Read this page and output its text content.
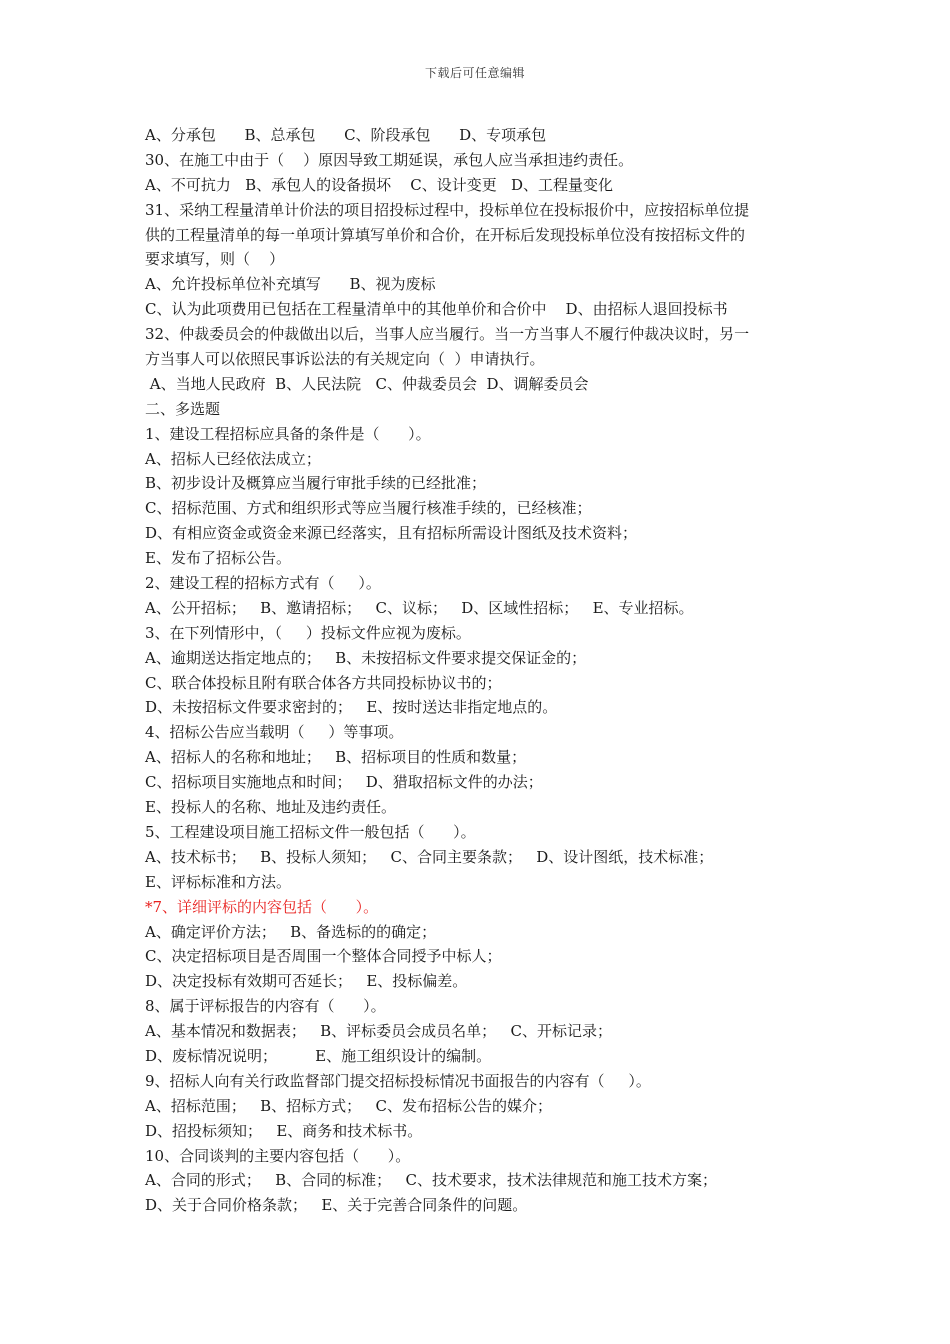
下载后可任意编辑
A、分承包      B、总承包      C、阶段承包      D、专项承包
30、在施工中由于（    ）原因导致工期延误，承包人应当承担违约责任。
A、不可抗力   B、承包人的设备损坏    C、设计变更   D、工程量变化
31、采纳工程量清单计价法的项目招投标过程中，投标单位在投标报价中，应按招标单位提
供的工程量清单的每一单项计算填写单价和合价，在开标后发现投标单位没有按招标文件的
要求填写，则（    ）
A、允许投标单位补充填写      B、视为废标
C、认为此项费用已包括在工程量清单中的其他单价和合价中    D、由招标人退回投标书
32、仲裁委员会的仲裁做出以后，当事人应当履行。当一方当事人不履行仲裁决议时，另一
方当事人可以依照民事诉讼法的有关规定向（  ）申请执行。
A、当地人民政府  B、人民法院   C、仲裁委员会  D、调解委员会
二、多选题
1、建设工程招标应具备的条件是（      ）。
A、招标人已经依法成立；
B、初步设计及概算应当履行审批手续的已经批准；
C、招标范围、方式和组织形式等应当履行核准手续的，已经核准；
D、有相应资金或资金来源已经落实，且有招标所需设计图纸及技术资料；
E、发布了招标公告。
2、建设工程的招标方式有（     ）。
A、公开招标；   B、邀请招标；   C、议标；   D、区域性招标；   E、专业招标。
3、在下列情形中，（     ）投标文件应视为废标。
A、逾期送达指定地点的；   B、未按招标文件要求提交保证金的；
C、联合体投标且附有联合体各方共同投标协议书的；
D、未按招标文件要求密封的；   E、按时送达非指定地点的。
4、招标公告应当载明（     ）等事项。
A、招标人的名称和地址；   B、招标项目的性质和数量；
C、招标项目实施地点和时间；   D、猎取招标文件的办法；
E、投标人的名称、地址及违约责任。
5、工程建设项目施工招标文件一般包括（      ）。
A、技术标书；   B、投标人须知；   C、合同主要条款；   D、设计图纸，技术标准；
E、评标标准和方法。
*7、详细评标的内容包括（      ）。
A、确定评价方法；   B、备选标的的确定；
C、决定招标项目是否周围一个整体合同授予中标人；
D、决定投标有效期可否延长；   E、投标偏差。
8、属于评标报告的内容有（      ）。
A、基本情况和数据表；   B、评标委员会成员名单；   C、开标记录；
D、废标情况说明；        E、施工组织设计的编制。
9、招标人向有关行政监督部门提交招标投标情况书面报告的内容有（     ）。
A、招标范围；   B、招标方式；   C、发布招标公告的媒介；
D、招投标须知；   E、商务和技术标书。
10、合同谈判的主要内容包括（      ）。
A、合同的形式；   B、合同的标准；   C、技术要求，技术法律规范和施工技术方案；
D、关于合同价格条款；   E、关于完善合同条件的问题。
